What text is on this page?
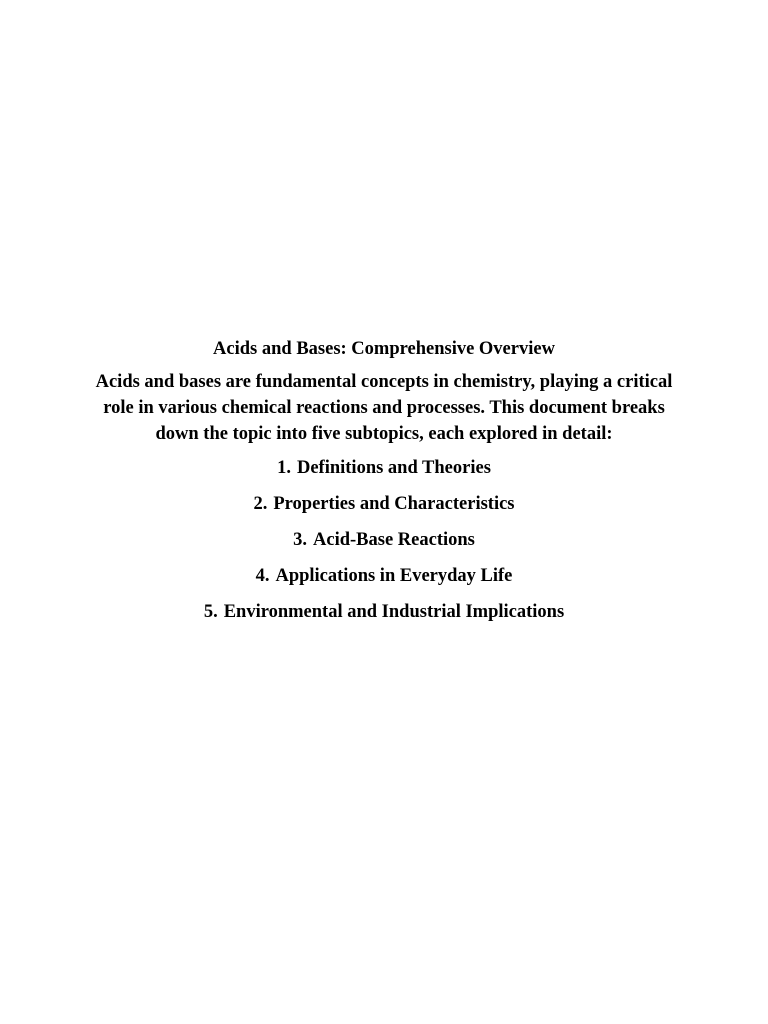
Acids and Bases: Comprehensive Overview

Acids and bases are fundamental concepts in chemistry, playing a critical role in various chemical reactions and processes. This document breaks down the topic into five subtopics, each explored in detail:

1. Definitions and Theories
2. Properties and Characteristics
3. Acid-Base Reactions
4. Applications in Everyday Life
5. Environmental and Industrial Implications
